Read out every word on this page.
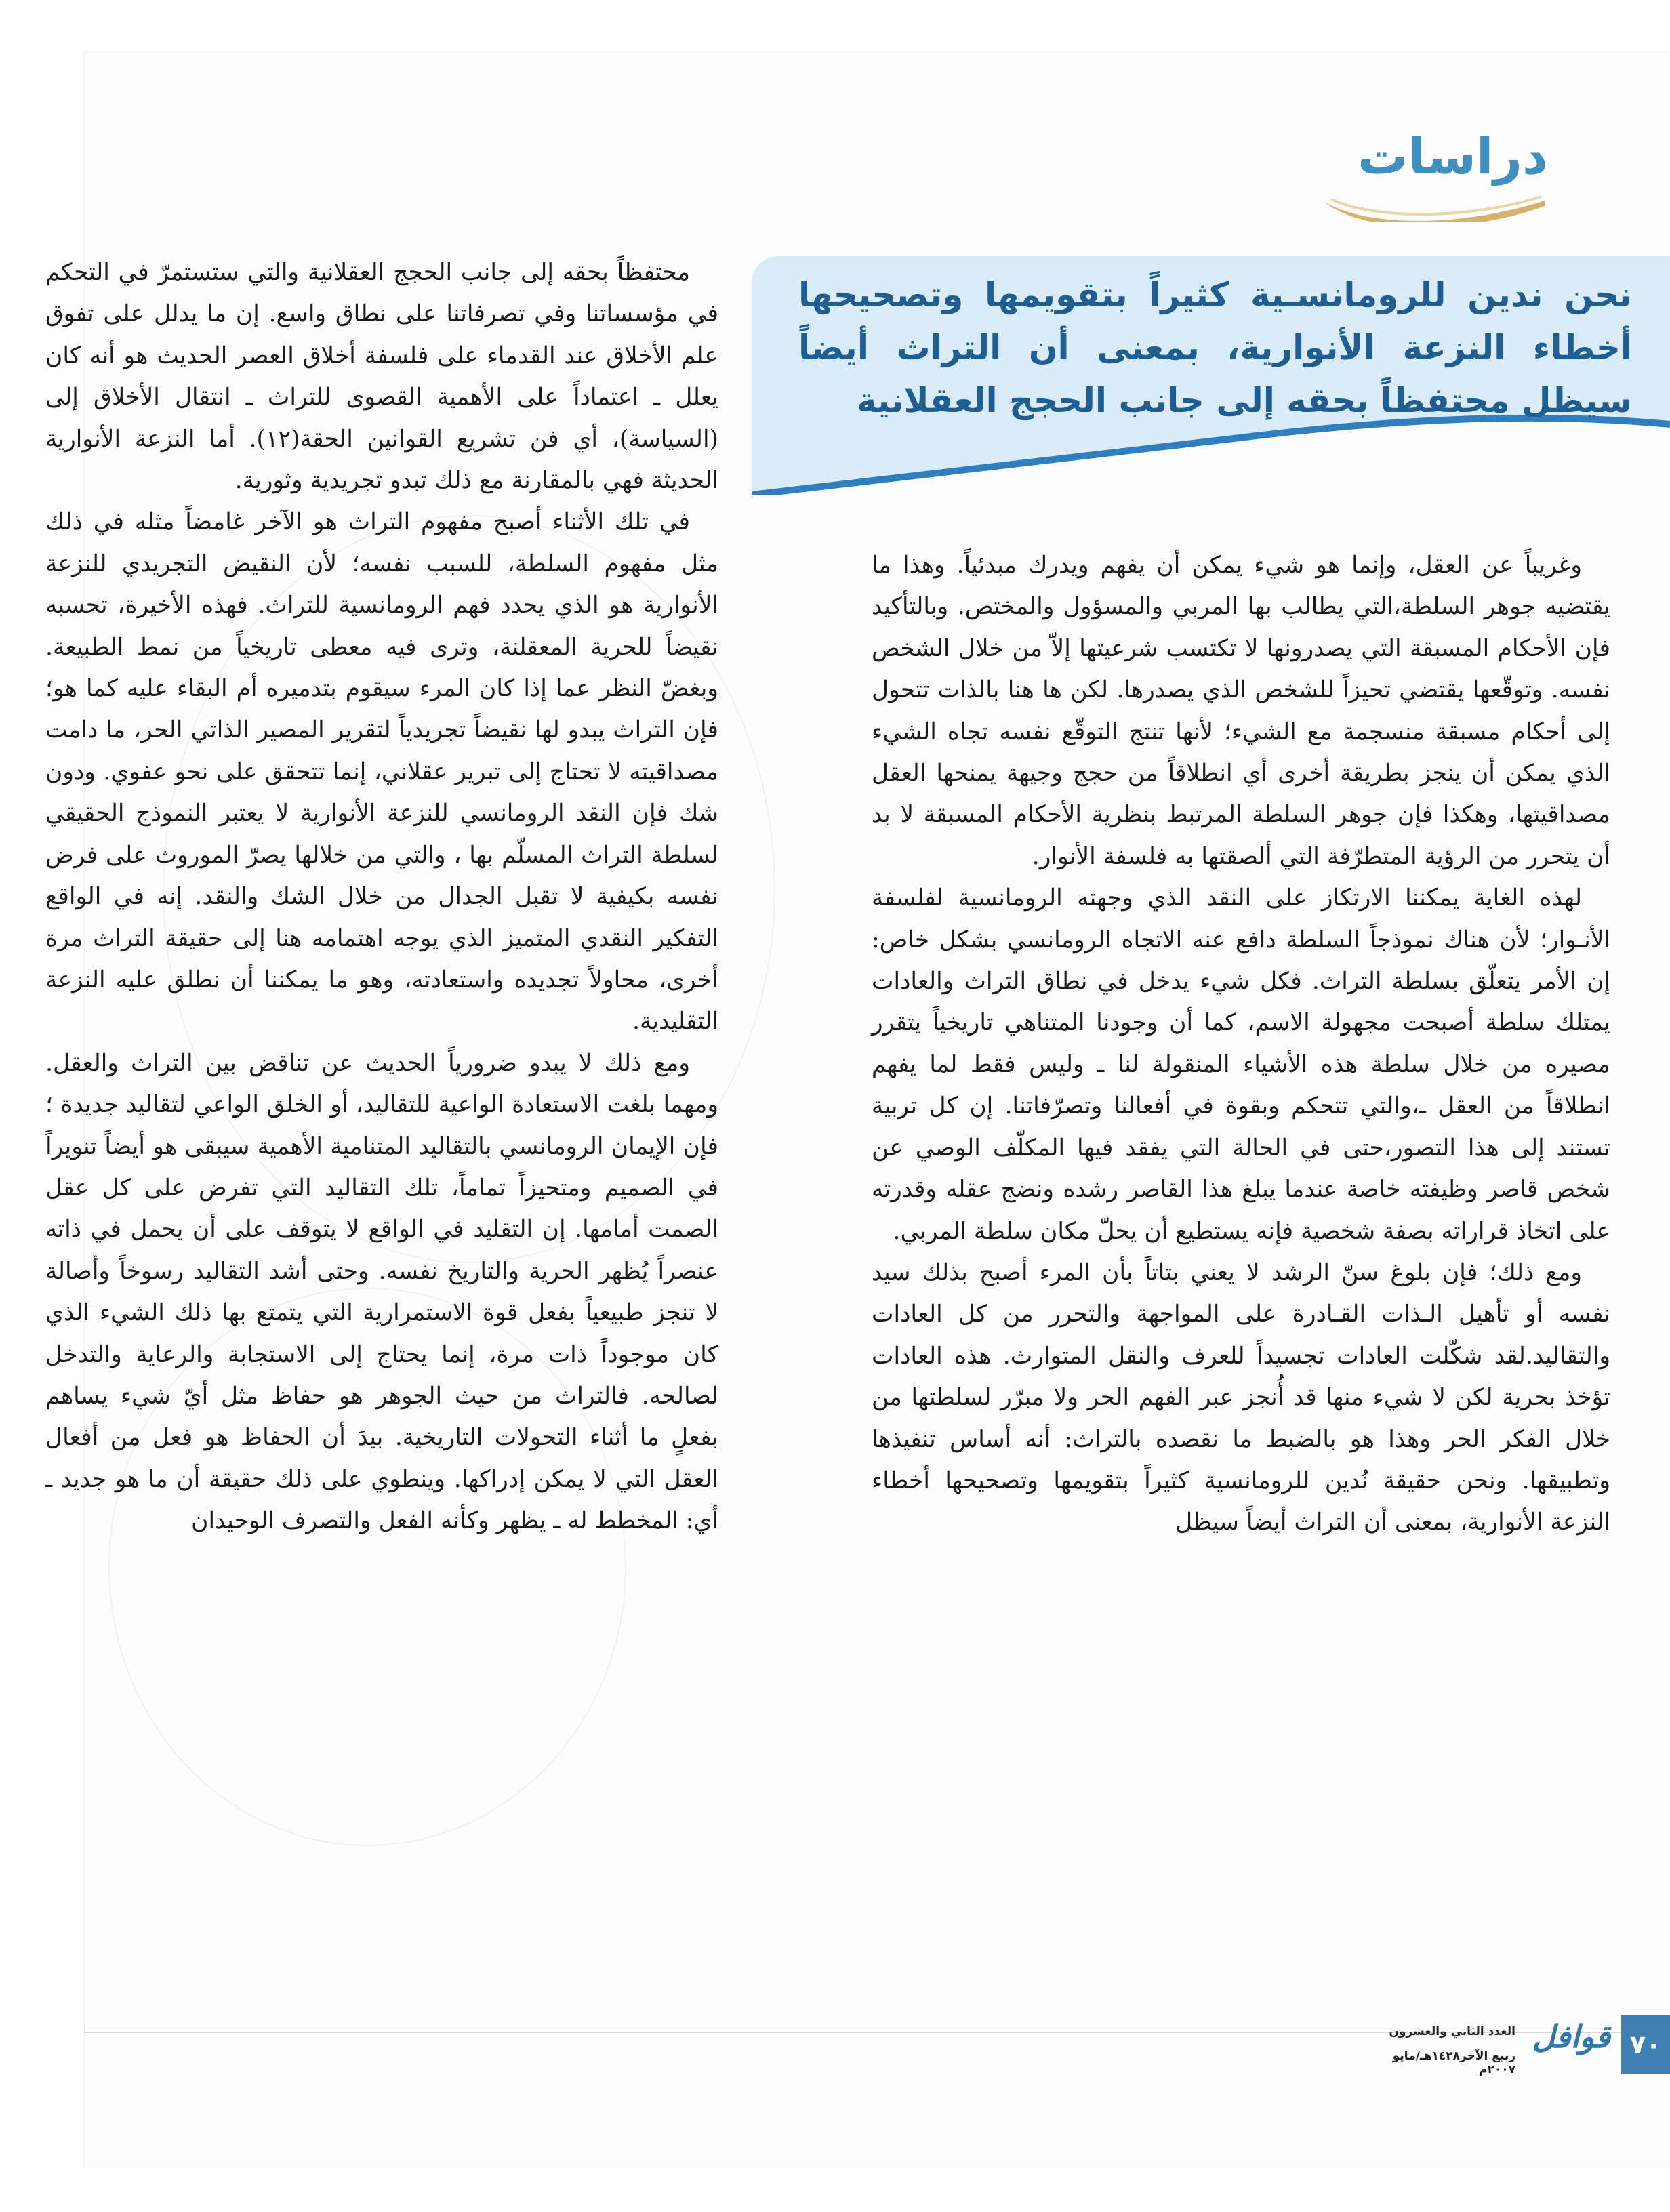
دراسات
نحن ندين للرومانسـية كثيراً بتقويمها وتصحيحها أخطاء النزعة الأنوارية، بمعنى أن التراث أيضاً سيظل محتفظاً بحقه إلى جانب الحجج العقلانية

وغريباً عن العقل، وإنما هو شيء يمكن أن يفهم ويدرك مبدئياً. وهذا ما يقتضيه جوهر السلطة،التي يطالب بها المربي والمسؤول والمختص. وبالتأكيد فإن الأحكام المسبقة التي يصدرونها لا تكتسب شرعيتها إلاّ من خلال الشخص نفسه. وتوقّعها يقتضي تحيزاً للشخص الذي يصدرها. لكن ها هنا بالذات تتحول إلى أحكام مسبقة منسجمة مع الشيء؛ لأنها تنتج التوقّع نفسه تجاه الشيء الذي يمكن أن ينجز بطريقة أخرى أي انطلاقاً من حجج وجيهة يمنحها العقل مصداقيتها، وهكذا فإن جوهر السلطة المرتبط بنظرية الأحكام المسبقة لا بد أن يتحرر من الرؤية المتطرّفة التي ألصقتها به فلسفة الأنوار.

لهذه الغاية يمكننا الارتكاز على النقد الذي وجهته الرومانسية لفلسفة الأنـوار؛ لأن هناك نموذجاً السلطة دافع عنه الاتجاه الرومانسي بشكل خاص: إن الأمر يتعلّق بسلطة التراث. فكل شيء يدخل في نطاق التراث والعادات يمتلك سلطة أصبحت مجهولة الاسم، كما أن وجودنا المتناهي تاريخياً يتقرر مصيره من خلال سلطة هذه الأشياء المنقولة لنا ـ وليس فقط لما يفهم انطلاقاً من العقل ـ،والتي تتحكم وبقوة في أفعالنا وتصرّفاتنا. إن كل تربية تستند إلى هذا التصور،حتى في الحالة التي يفقد فيها المكلّف الوصي عن شخص قاصر وظيفته خاصة عندما يبلغ هذا القاصر رشده ونضج عقله وقدرته على اتخاذ قراراته بصفة شخصية فإنه يستطيع أن يحلّ مكان سلطة المربي.

ومع ذلك؛ فإن بلوغ سنّ الرشد لا يعني بتاتاً بأن المرء أصبح بذلك سيد نفسه أو تأهيل الـذات القـادرة على المواجهة والتحرر من كل العادات والتقاليد.لقد شكّلت العادات تجسيداً للعرف والنقل المتوارث. هذه العادات تؤخذ بحرية لكن لا شيء منها قد أُنجز عبر الفهم الحر ولا مبرّر لسلطتها من خلال الفكر الحر وهذا هو بالضبط ما نقصده بالتراث: أنه أساس تنفيذها وتطبيقها. ونحن حقيقة نُدين للرومانسية كثيراً بتقويمها وتصحيحها أخطاء النزعة الأنوارية، بمعنى أن التراث أيضاً سيظل

محتفظاً بحقه إلى جانب الحجج العقلانية والتي ستستمرّ في التحكم في مؤسساتنا وفي تصرفاتنا على نطاق واسع. إن ما يدلل على تفوق علم الأخلاق عند القدماء على فلسفة أخلاق العصر الحديث هو أنه كان يعلل ـ اعتماداً على الأهمية القصوى للتراث ـ انتقال الأخلاق إلى (السياسة)، أي فن تشريع القوانين الحقة(١٢). أما النزعة الأنوارية الحديثة فهي بالمقارنة مع ذلك تبدو تجريدية وثورية.

في تلك الأثناء أصبح مفهوم التراث هو الآخر غامضاً مثله في ذلك مثل مفهوم السلطة، للسبب نفسه؛ لأن النقيض التجريدي للنزعة الأنوارية هو الذي يحدد فهم الرومانسية للتراث. فهذه الأخيرة، تحسبه نقيضاً للحرية المعقلنة، وترى فيه معطى تاريخياً من نمط الطبيعة. وبغضّ النظر عما إذا كان المرء سيقوم بتدميره أم البقاء عليه كما هو؛ فإن التراث يبدو لها نقيضاً تجريدياً لتقرير المصير الذاتي الحر، ما دامت مصداقيته لا تحتاج إلى تبرير عقلاني، إنما تتحقق على نحو عفوي. ودون شك فإن النقد الرومانسي للنزعة الأنوارية لا يعتبر النموذج الحقيقي لسلطة التراث المسلّم بها ، والتي من خلالها يصرّ الموروث على فرض نفسه بكيفية لا تقبل الجدال من خلال الشك والنقد. إنه في الواقع التفكير النقدي المتميز الذي يوجه اهتمامه هنا إلى حقيقة التراث مرة أخرى، محاولاً تجديده واستعادته، وهو ما يمكننا أن نطلق عليه النزعة التقليدية.

ومع ذلك لا يبدو ضرورياً الحديث عن تناقض بين التراث والعقل. ومهما بلغت الاستعادة الواعية للتقاليد، أو الخلق الواعي لتقاليد جديدة ؛ فإن الإيمان الرومانسي بالتقاليد المتنامية الأهمية سيبقى هو أيضاً تنويراً في الصميم ومتحيزاً تماماً، تلك التقاليد التي تفرض على كل عقل الصمت أمامها. إن التقليد في الواقع لا يتوقف على أن يحمل في ذاته عنصراً يُظهر الحرية والتاريخ نفسه. وحتى أشد التقاليد رسوخاً وأصالة لا تنجز طبيعياً بفعل قوة الاستمرارية التي يتمتع بها ذلك الشيء الذي كان موجوداً ذات مرة، إنما يحتاج إلى الاستجابة والرعاية والتدخل لصالحه. فالتراث من حيث الجوهر هو حفاظ مثل أيّ شيء يساهم بفعلٍ ما أثناء التحولات التاريخية. بيدَ أن الحفاظ هو فعل من أفعال العقل التي لا يمكن إدراكها. وينطوي على ذلك حقيقة أن ما هو جديد ـ أي: المخطط له ـ يظهر وكأنه الفعل والتصرف الوحيدان

٧٠
قوافل
العدد الثاني والعشرون
ربيع الآخر١٤٢٨هـ/مايو ٢٠٠٧م
